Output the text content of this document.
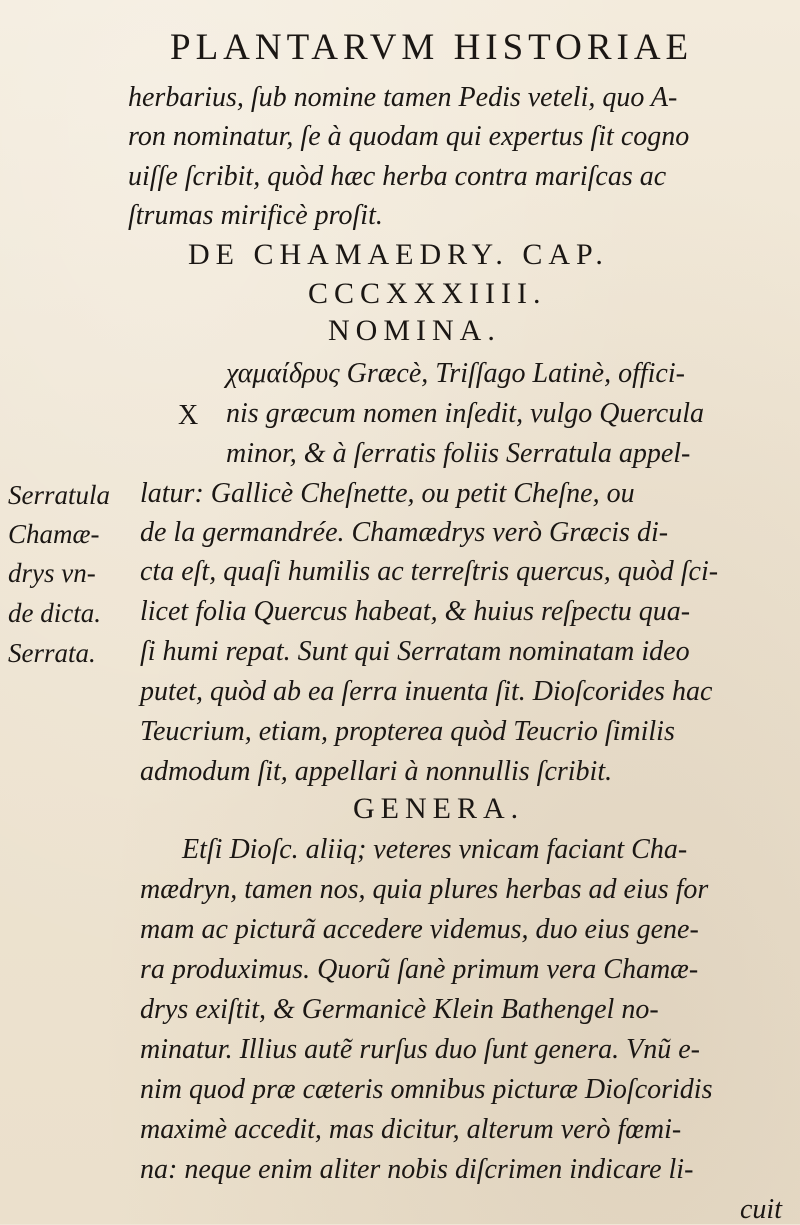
PLANTARVM HISTORIAE
herbarius, ſub nomine tamen Pedis veteli, quo A-
ron nominatur, ſe à quodam qui expertus ſit cogno
uiſſe ſcribit, quòd hæc herba contra mariſcas ac
ſtrumas mirificè proſit.
DE CHAMAEDRY. CAP.
CCCXXXIIII.
NOMINA.
χαμαίδρυς Græcè, Triſſago Latinè, offici-
nis græcum nomen inſedit, vulgo Quercula
minor, & à ſerratis foliis Serratula appel-
latur: Gallicè Cheſnette, ou petit Cheſne, ou
de la germandrée. Chamædrys verò Græcis di-
cta eſt, quaſi humilis ac terreſtris quercus, quòd ſci-
licet folia Quercus habeat, & huius reſpectu qua-
ſi humi repat. Sunt qui Serratam nominatam ideo
putet, quòd ab ea ſerra inuenta ſit. Dioſcorides hac
Teucrium, etiam, propterea quòd Teucrio ſimilis
admodum ſit, appellari à nonnullis ſcribit.
GENERA.
Etſi Dioſc. aliiq; veteres vnicam faciant Cha-
mædryn, tamen nos, quia plures herbas ad eius for
mam ac picturã accedere videmus, duo eius gene-
ra produximus. Quorũ ſanè primum vera Chamæ-
drys exiſtit, & Germanicè Klein Bathengel no-
minatur. Illius autẽ rurſus duo ſunt genera. Vnũ e-
nim quod præ cæteris omnibus picturæ Dioſcoridis
maximè accedit, mas dicitur, alterum verò fœmi-
na: neque enim aliter nobis diſcrimen indicare li-
cuit
X
Serratula
Chamæ-
drys vn-
de dicta.
Serrata.
